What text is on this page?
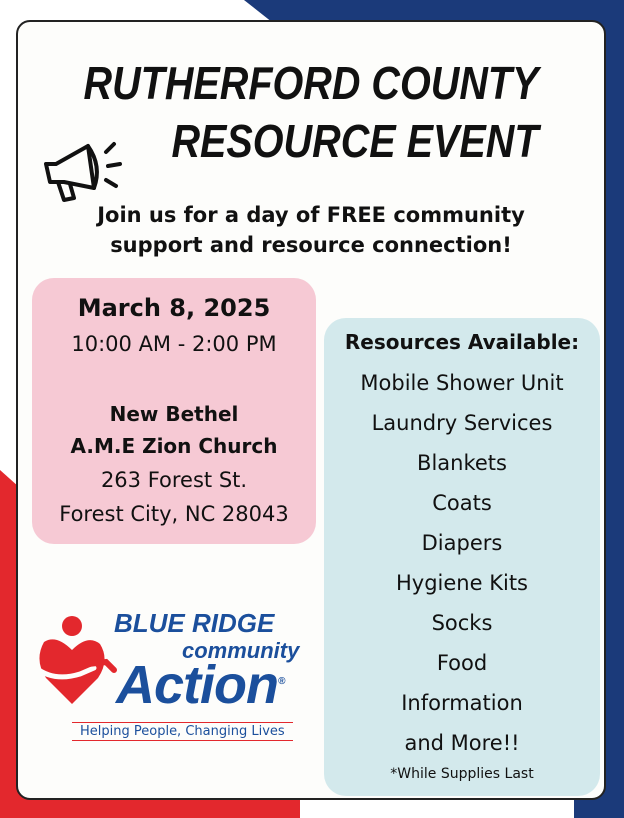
RUTHERFORD COUNTY
RESOURCE EVENT
Join us for a day of FREE community
support and resource connection!
March 8, 2025
10:00 AM - 2:00 PM
New Bethel
A.M.E Zion Church
263 Forest St.
Forest City, NC 28043
Resources Available:
Mobile Shower Unit
Laundry Services
Blankets
Coats
Diapers
Hygiene Kits
Socks
Food
Information
and More!!
*While Supplies Last
BLUE RIDGE
community
Action®
Helping People, Changing Lives
